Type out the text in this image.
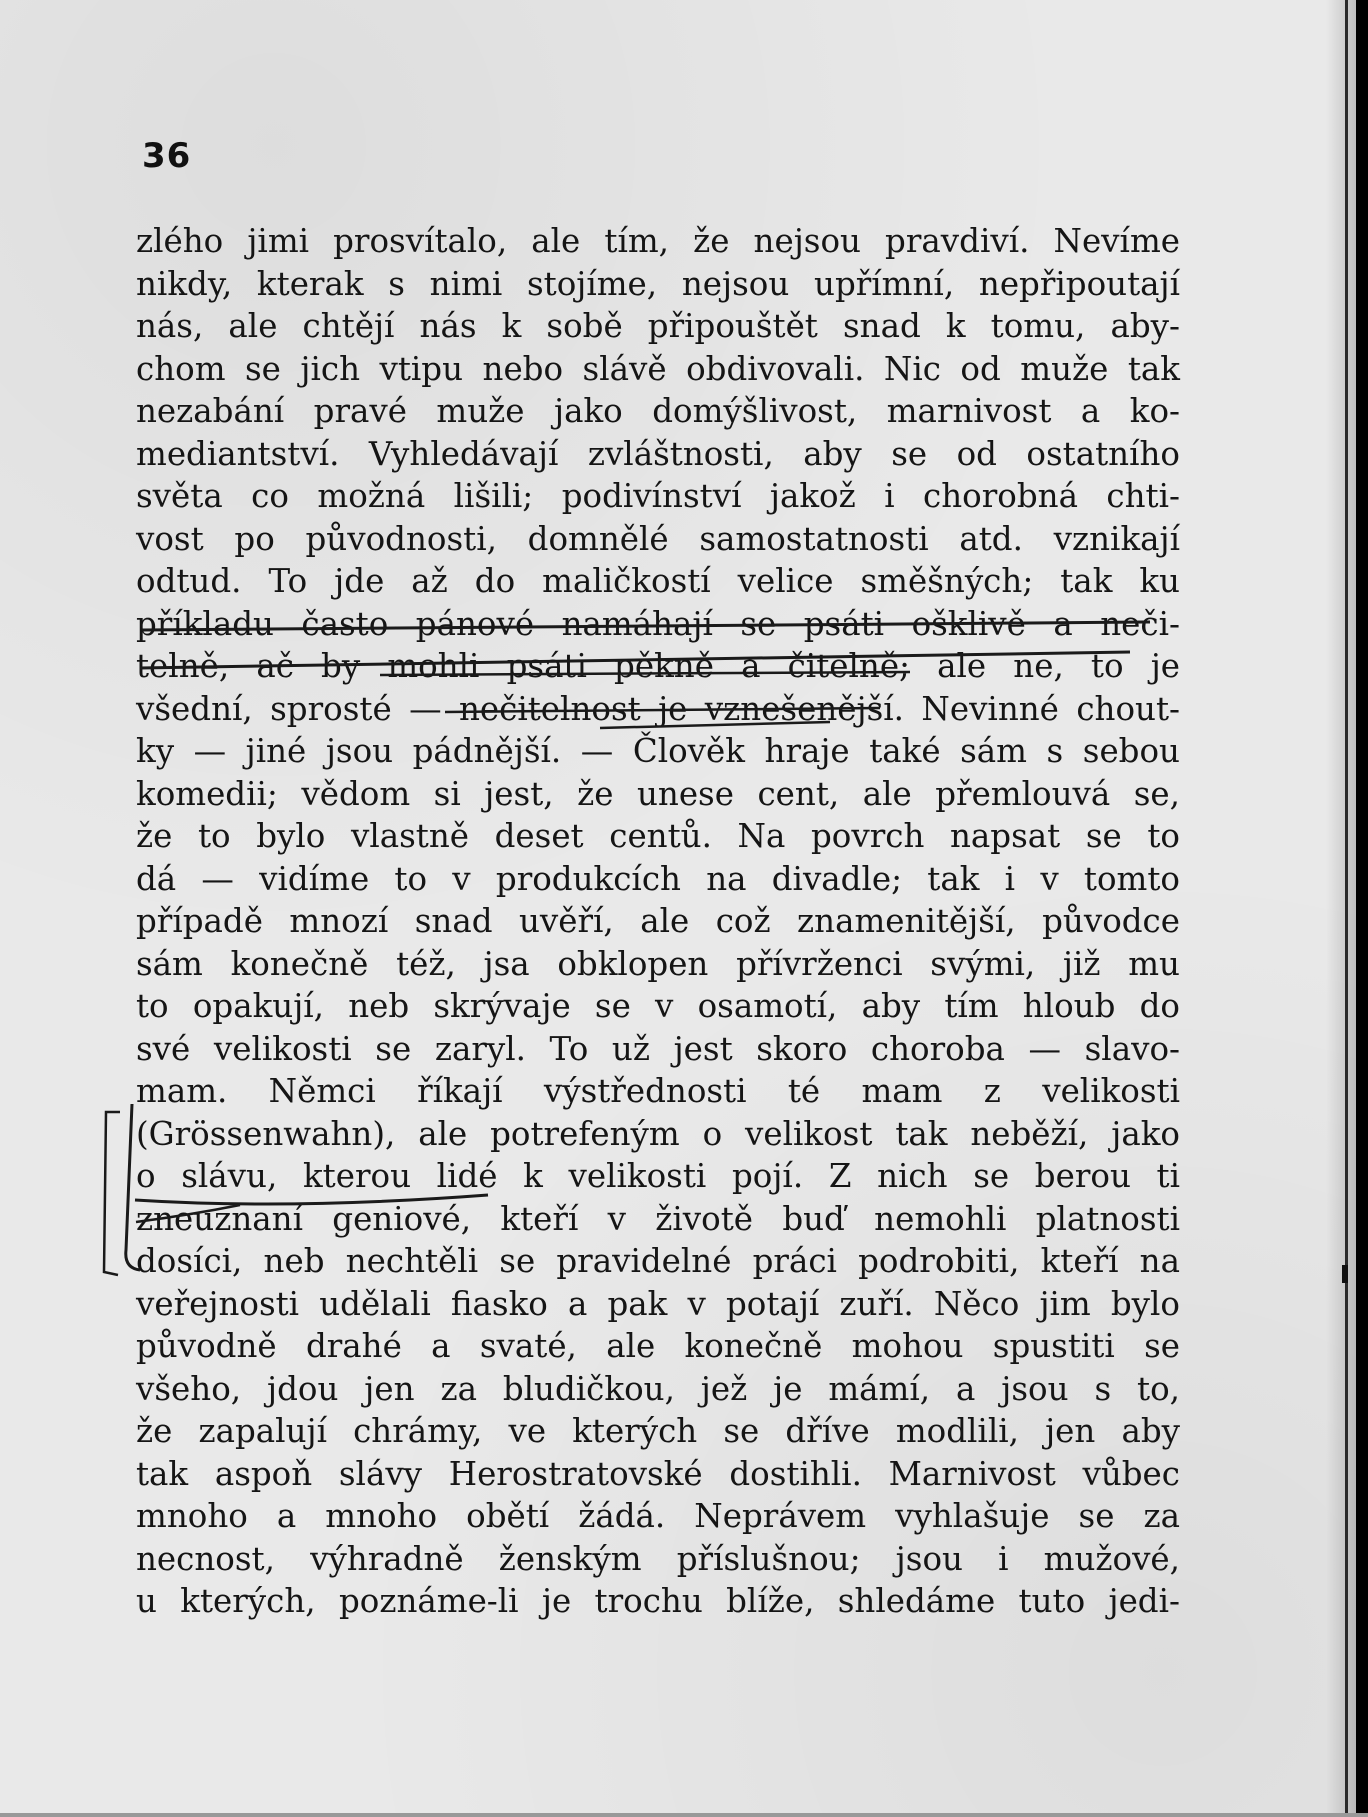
36
zlého jimi prosvítalo, ale tím, že nejsou pravdiví. Nevíme
nikdy, kterak s nimi stojíme, nejsou upřímní, nepřipoutají
nás, ale chtějí nás k sobě připouštět snad k tomu, aby-
chom se jich vtipu nebo slávě obdivovali. Nic od muže tak
nezabání pravé muže jako domýšlivost, marnivost a ko-
mediantství. Vyhledávají zvláštnosti, aby se od ostatního
světa co možná lišili; podivínství jakož i chorobná chti-
vost po původnosti, domnělé samostatnosti atd. vznikají
odtud. To jde až do maličkostí velice směšných; tak ku
příkladu často pánové namáhají se psáti ošklivě a neči-
telně, ač by mohli psáti pěkně a čitelně; ale ne, to je
všední, sprosté — nečitelnost je vznešenější. Nevinné chout-
ky — jiné jsou pádnější. — Člověk hraje také sám s sebou
komedii; vědom si jest, že unese cent, ale přemlouvá se,
že to bylo vlastně deset centů. Na povrch napsat se to
dá — vidíme to v produkcích na divadle; tak i v tomto
případě mnozí snad uvěří, ale což znamenitější, původce
sám konečně též, jsa obklopen přívrženci svými, již mu
to opakují, neb skrývaje se v osamotí, aby tím hloub do
své velikosti se zaryl. To už jest skoro choroba — slavo-
mam. Němci říkají výstřednosti té mam z velikosti
(Grössenwahn), ale potrefeným o velikost tak neběží, jako
o slávu, kterou lidé k velikosti pojí. Z nich se berou ti
zneuznaní geniové, kteří v životě buď nemohli platnosti
dosíci, neb nechtěli se pravidelné práci podrobiti, kteří na
veřejnosti udělali fiasko a pak v potají zuří. Něco jim bylo
původně drahé a svaté, ale konečně mohou spustiti se
všeho, jdou jen za bludičkou, jež je mámí, a jsou s to,
že zapalují chrámy, ve kterých se dříve modlili, jen aby
tak aspoň slávy Herostratovské dostihli. Marnivost vůbec
mnoho a mnoho obětí žádá. Neprávem vyhlašuje se za
necnost, výhradně ženským příslušnou; jsou i mužové,
u kterých, poznáme-li je trochu blíže, shledáme tuto jedi-
